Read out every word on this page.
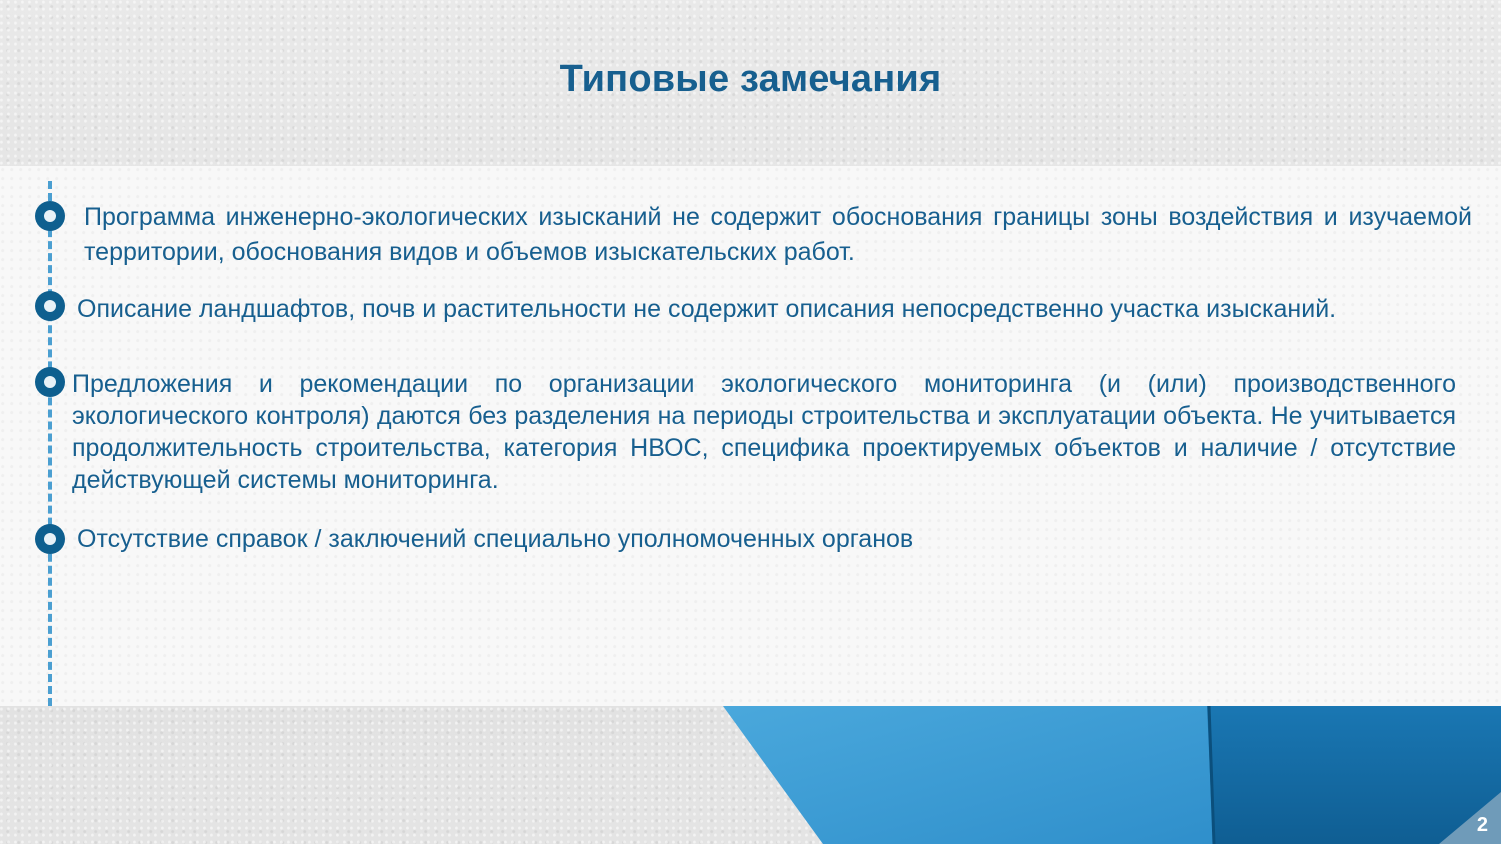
Типовые замечания

Программа инженерно-экологических изысканий не содержит обоснования границы зоны воздействия и изучаемой территории, обоснования видов и объемов изыскательских работ.

Описание ландшафтов, почв и растительности не содержит описания непосредственно участка изысканий.

Предложения и рекомендации по организации экологического мониторинга (и (или) производственного экологического контроля) даются без разделения на периоды строительства и эксплуатации объекта. Не учитывается продолжительность строительства, категория НВОС, специфика проектируемых объектов и наличие / отсутствие действующей системы мониторинга.

Отсутствие справок / заключений специально уполномоченных органов

2
